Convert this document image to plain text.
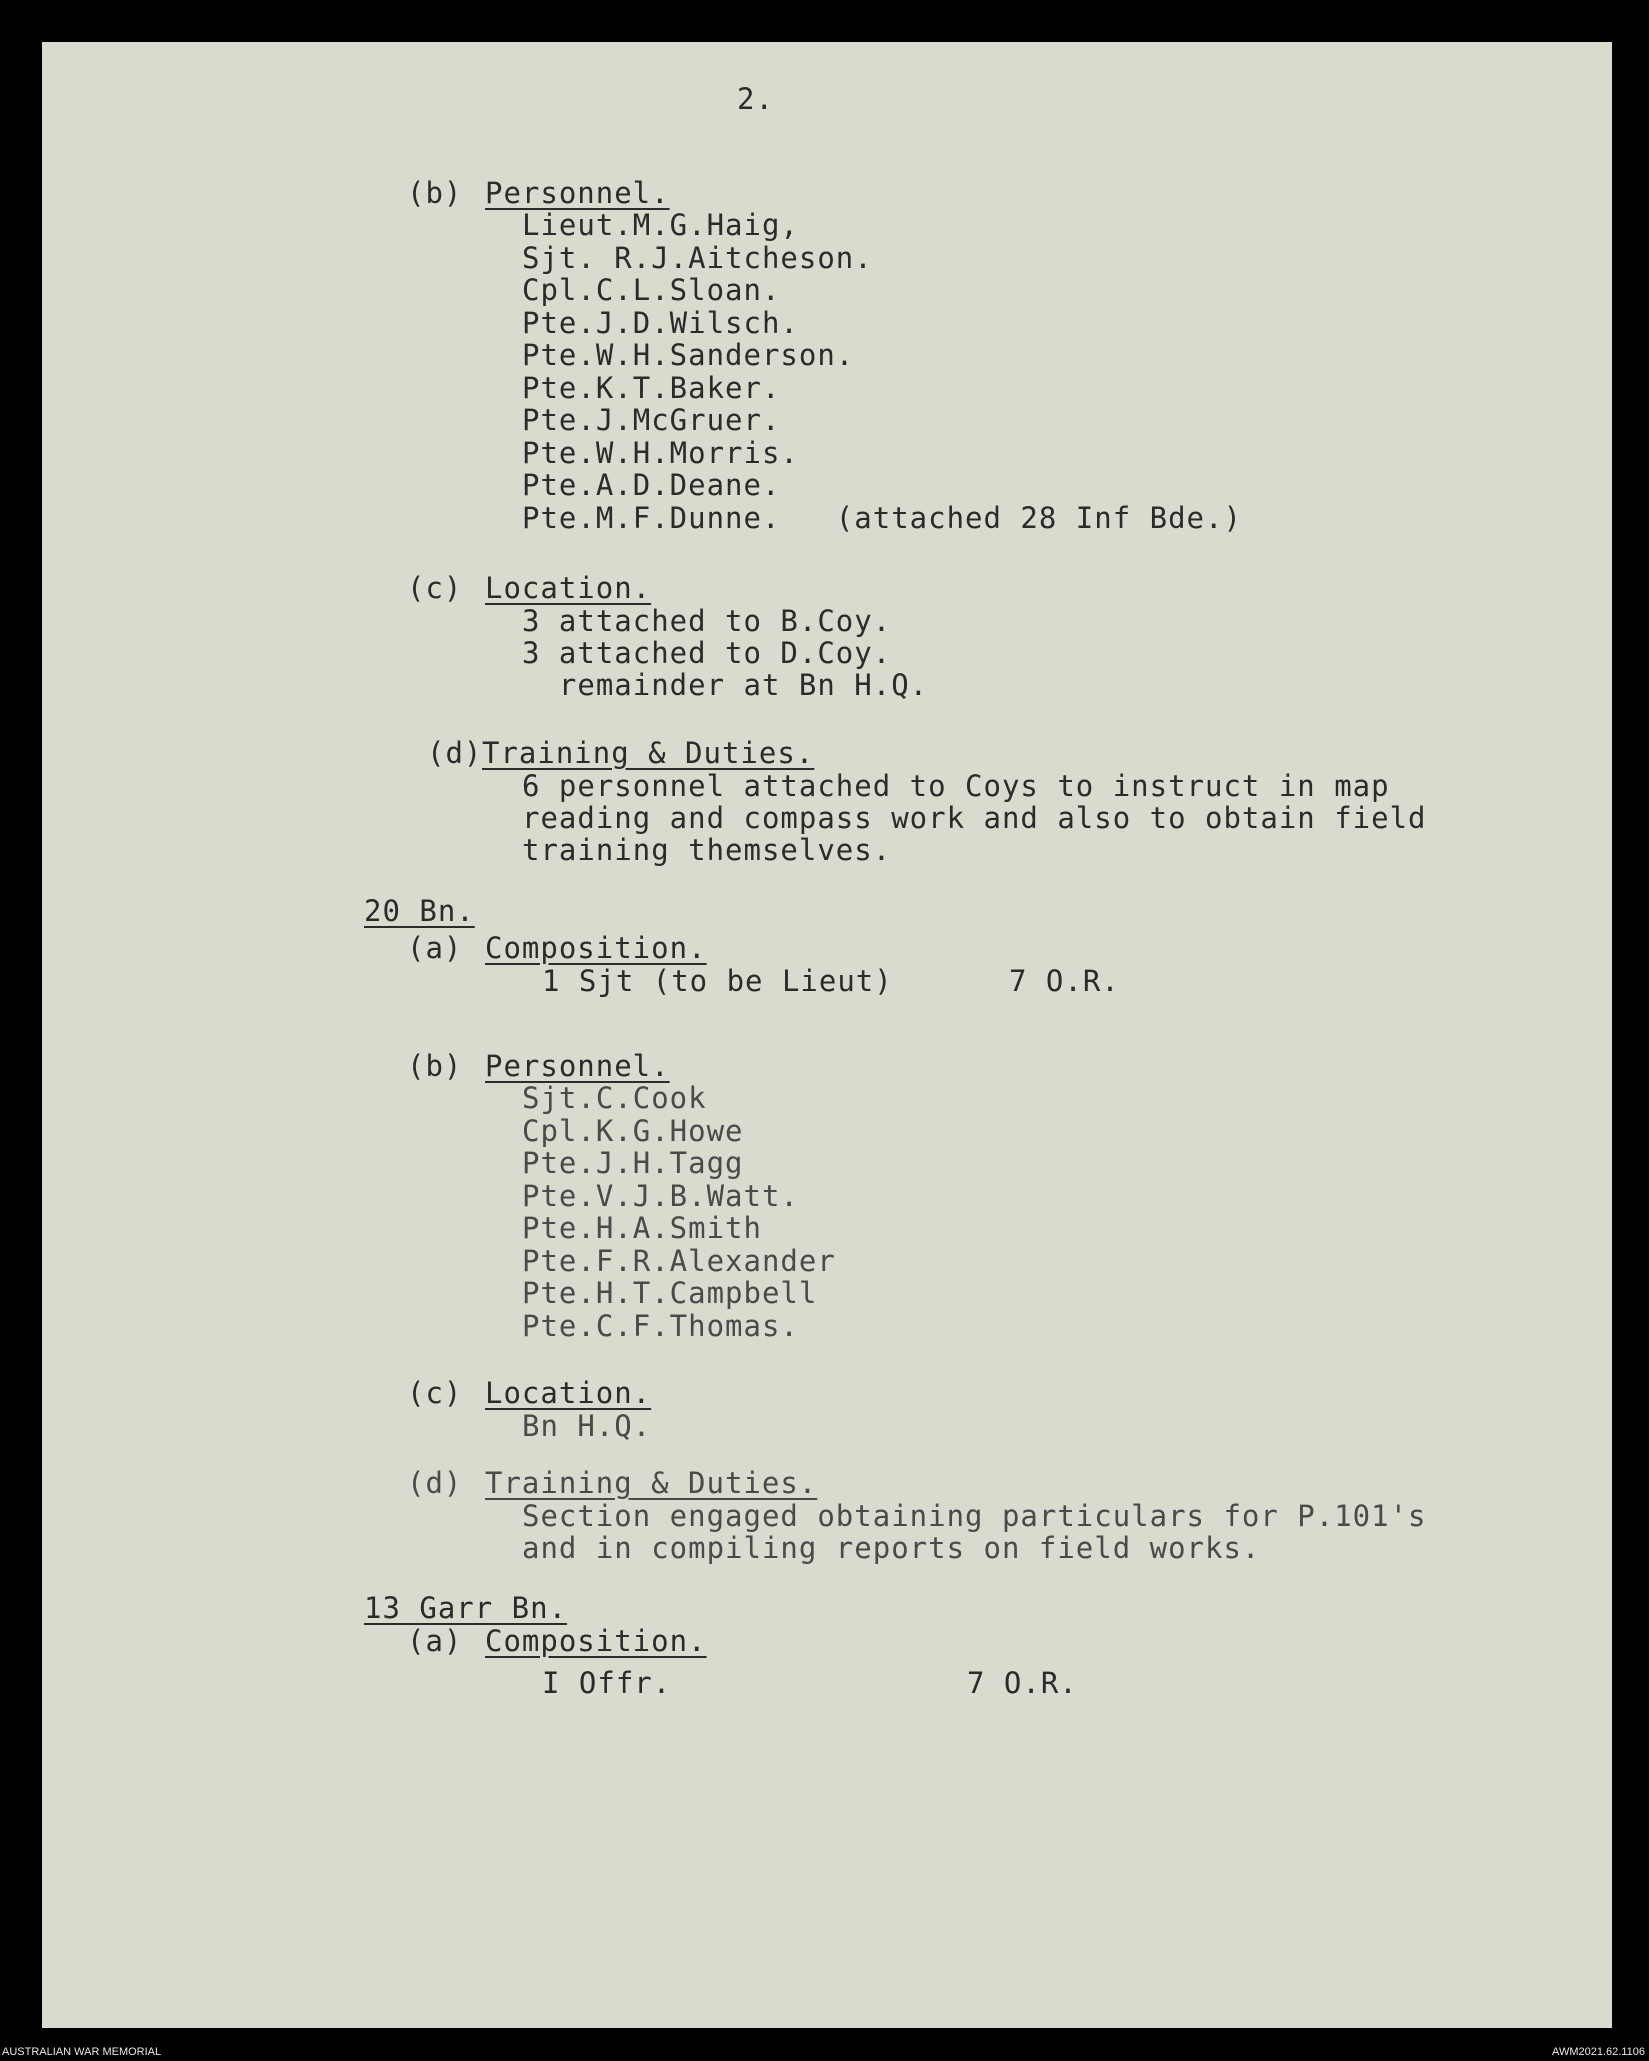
2.
(b) Personnel.
Lieut.M.G.Haig,
Sjt. R.J.Aitcheson.
Cpl.C.L.Sloan.
Pte.J.D.Wilsch.
Pte.W.H.Sanderson.
Pte.K.T.Baker.
Pte.J.McGruer.
Pte.W.H.Morris.
Pte.A.D.Deane.
Pte.M.F.Dunne.   (attached 28 Inf Bde.)
(c) Location.
3 attached to B.Coy.
3 attached to D.Coy.
remainder at Bn H.Q.
(d) Training & Duties.
6 personnel attached to Coys to instruct in map
reading and compass work and also to obtain field
training themselves.
20 Bn.
(a) Composition.
1 Sjt (to be Lieut)	7 O.R.
(b) Personnel.
Sjt.C.Cook
Cpl.K.G.Howe
Pte.J.H.Tagg
Pte.V.J.B.Watt.
Pte.H.A.Smith
Pte.F.R.Alexander
Pte.H.T.Campbell
Pte.C.F.Thomas.
(c) Location.
Bn H.Q.
(d) Training & Duties.
Section engaged obtaining particulars for P.101's
and in compiling reports on field works.
13 Garr Bn.
(a) Composition.
I Offr.	7 O.R.
AUSTRALIAN WAR MEMORIAL	AWM2021.62.1106
